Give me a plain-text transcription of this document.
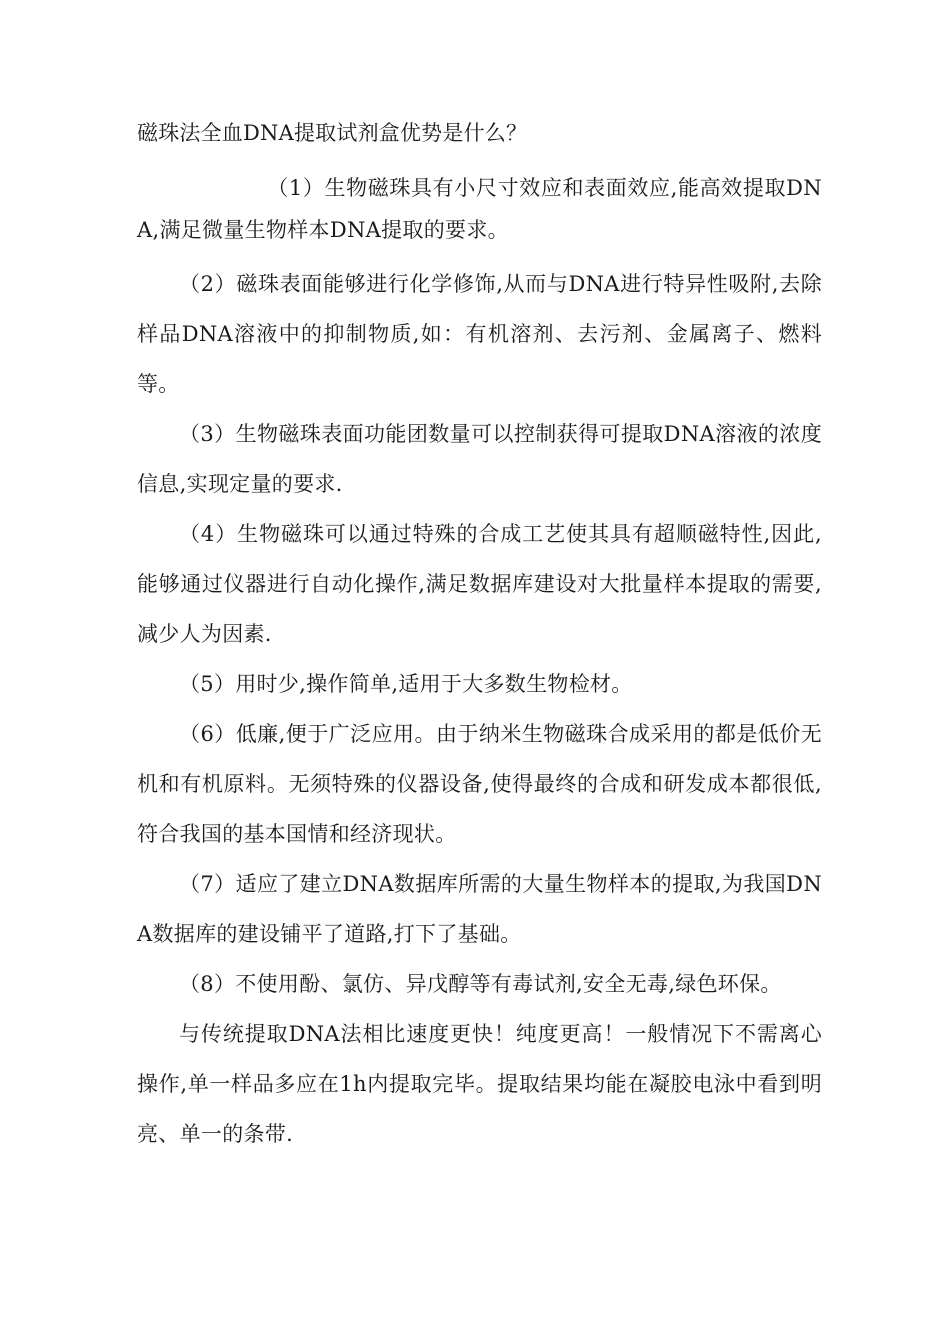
磁珠法全血DNA提取试剂盒优势是什么？

（1）生物磁珠具有小尺寸效应和表面效应,能高效提取DNA,满足微量生物样本DNA提取的要求。

（2）磁珠表面能够进行化学修饰,从而与DNA进行特异性吸附,去除样品DNA溶液中的抑制物质,如：有机溶剂、去污剂、金属离子、燃料等。

（3）生物磁珠表面功能团数量可以控制获得可提取DNA溶液的浓度信息,实现定量的要求.

（4）生物磁珠可以通过特殊的合成工艺使其具有超顺磁特性,因此,能够通过仪器进行自动化操作,满足数据库建设对大批量样本提取的需要,减少人为因素.

（5）用时少,操作简单,适用于大多数生物检材。

（6）低廉,便于广泛应用。由于纳米生物磁珠合成采用的都是低价无机和有机原料。无须特殊的仪器设备,使得最终的合成和研发成本都很低,符合我国的基本国情和经济现状。

（7）适应了建立DNA数据库所需的大量生物样本的提取,为我国DNA数据库的建设铺平了道路,打下了基础。

（8）不使用酚、氯仿、异戊醇等有毒试剂,安全无毒,绿色环保。

与传统提取DNA法相比速度更快！纯度更高！一般情况下不需离心操作,单一样品多应在1h内提取完毕。提取结果均能在凝胶电泳中看到明亮、单一的条带.
